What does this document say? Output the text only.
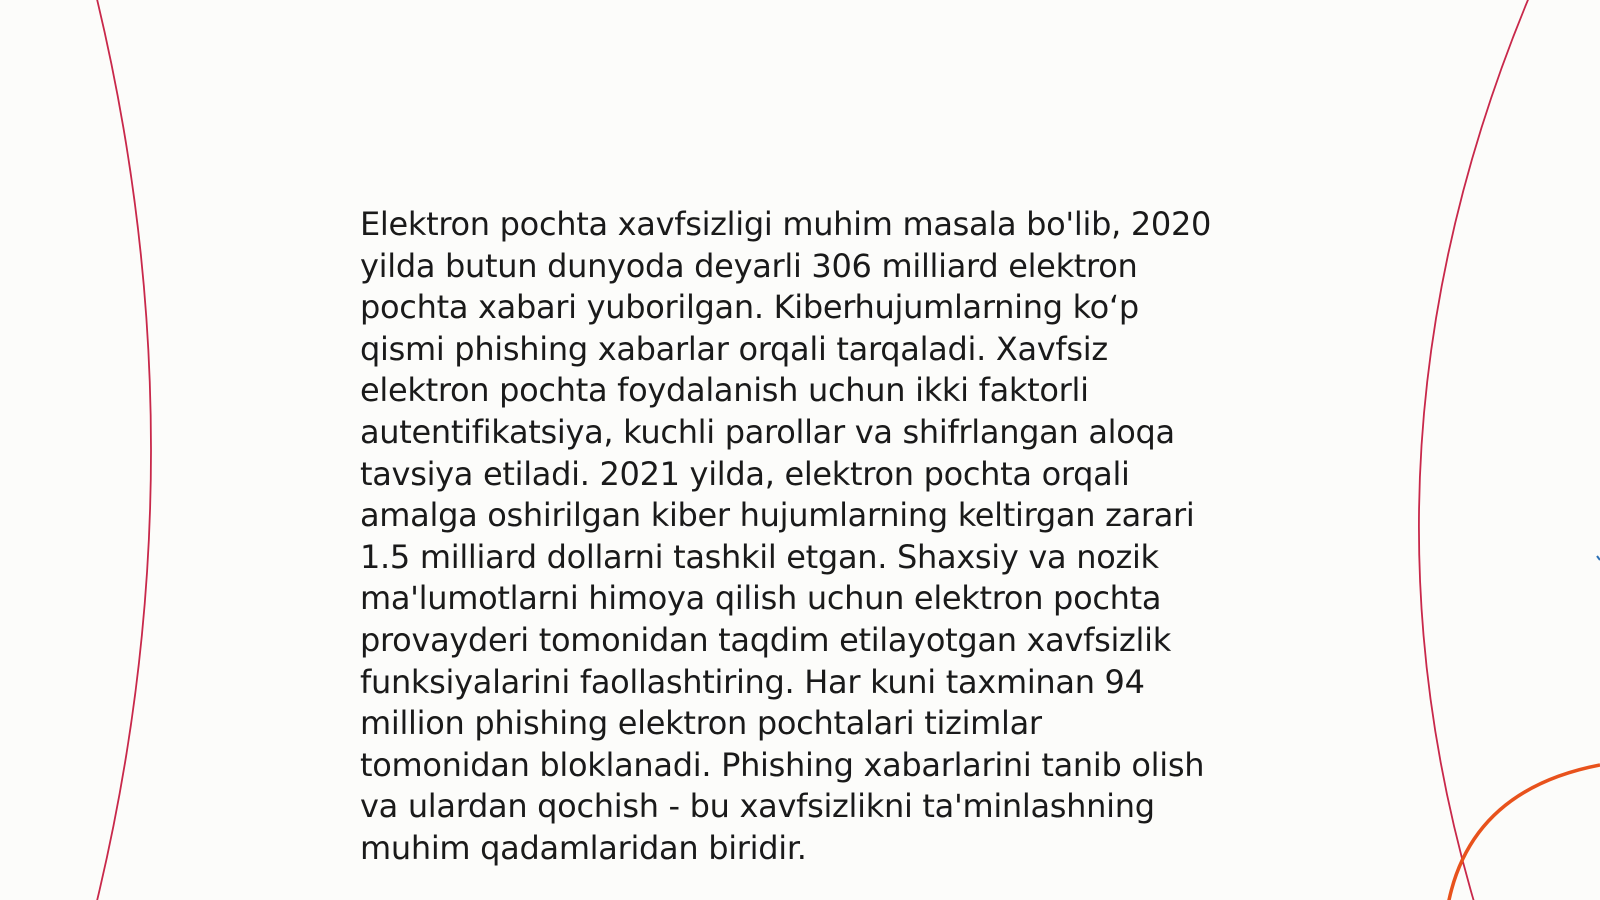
Elektron pochta xavfsizligi muhim masala bo'lib, 2020
yilda butun dunyoda deyarli 306 milliard elektron
pochta xabari yuborilgan. Kiberhujumlarning ko‘p
qismi phishing xabarlar orqali tarqaladi. Xavfsiz
elektron pochta foydalanish uchun ikki faktorli
autentifikatsiya, kuchli parollar va shifrlangan aloqa
tavsiya etiladi. 2021 yilda, elektron pochta orqali
amalga oshirilgan kiber hujumlarning keltirgan zarari
1.5 milliard dollarni tashkil etgan. Shaxsiy va nozik
ma'lumotlarni himoya qilish uchun elektron pochta
provayderi tomonidan taqdim etilayotgan xavfsizlik
funksiyalarini faollashtiring. Har kuni taxminan 94
million phishing elektron pochtalari tizimlar
tomonidan bloklanadi. Phishing xabarlarini tanib olish
va ulardan qochish - bu xavfsizlikni ta'minlashning
muhim qadamlaridan biridir.
